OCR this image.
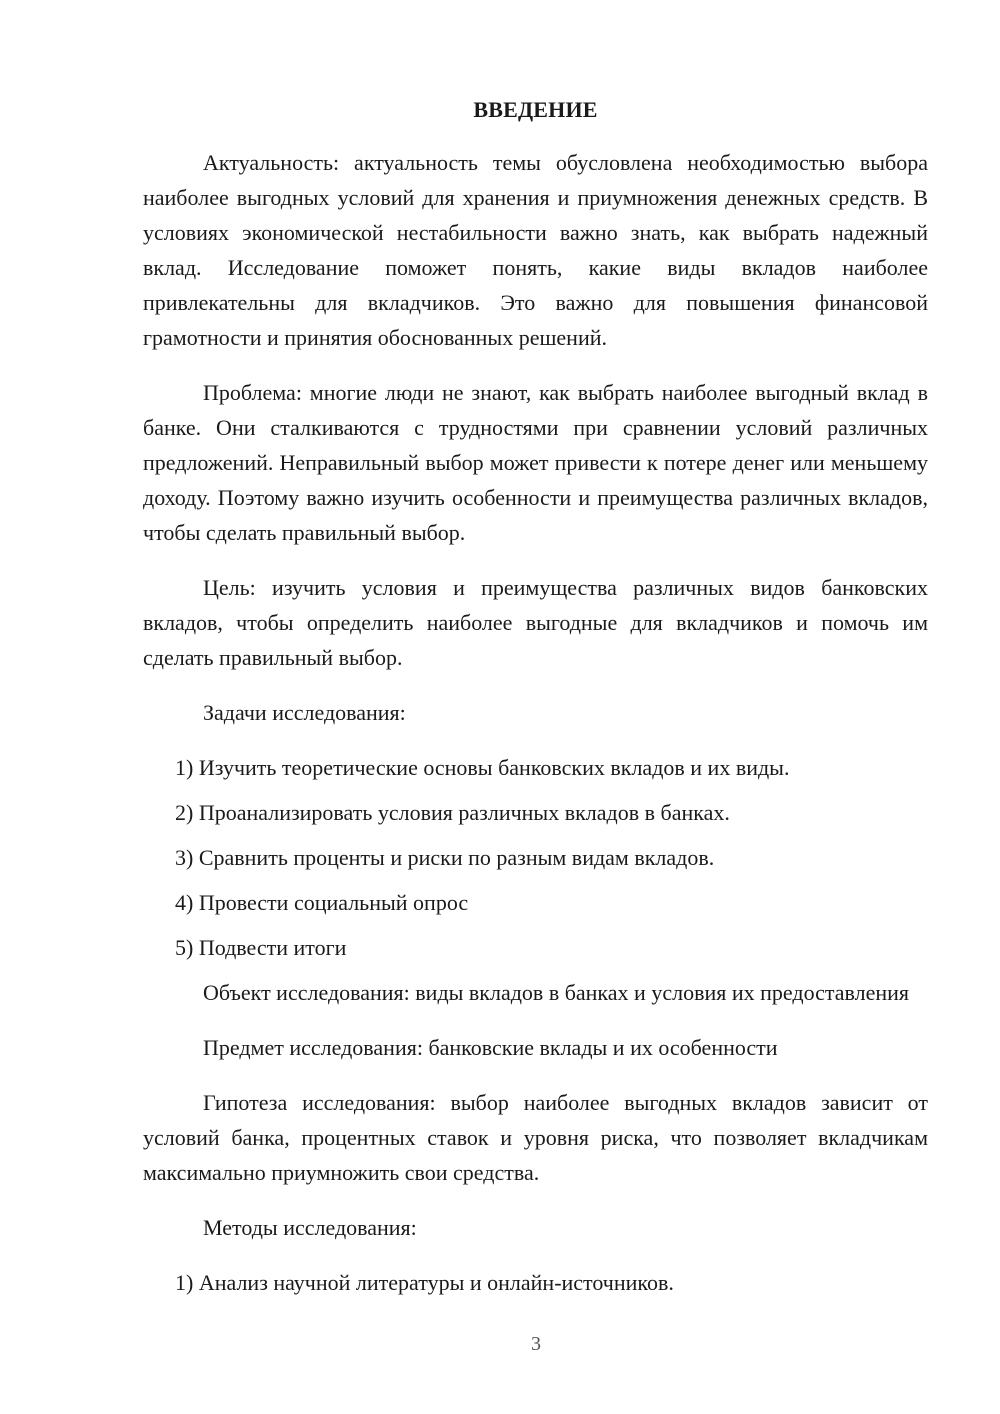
ВВЕДЕНИЕ

Актуальность: актуальность темы обусловлена необходимостью выбора наиболее выгодных условий для хранения и приумножения денежных средств. В условиях экономической нестабильности важно знать, как выбрать надежный вклад. Исследование поможет понять, какие виды вкладов наиболее привлекательны для вкладчиков. Это важно для повышения финансовой грамотности и принятия обоснованных решений.

Проблема: многие люди не знают, как выбрать наиболее выгодный вклад в банке. Они сталкиваются с трудностями при сравнении условий различных предложений. Неправильный выбор может привести к потере денег или меньшему доходу. Поэтому важно изучить особенности и преимущества различных вкладов, чтобы сделать правильный выбор.

Цель: изучить условия и преимущества различных видов банковских вкладов, чтобы определить наиболее выгодные для вкладчиков и помочь им сделать правильный выбор.

Задачи исследования:

1) Изучить теоретические основы банковских вкладов и их виды.
2) Проанализировать условия различных вкладов в банках.
3) Сравнить проценты и риски по разным видам вкладов.
4) Провести социальный опрос
5) Подвести итоги

Объект исследования: виды вкладов в банках и условия их предоставления

Предмет исследования: банковские вклады и их особенности

Гипотеза исследования: выбор наиболее выгодных вкладов зависит от условий банка, процентных ставок и уровня риска, что позволяет вкладчикам максимально приумножить свои средства.

Методы исследования:

1) Анализ научной литературы и онлайн-источников.
3
